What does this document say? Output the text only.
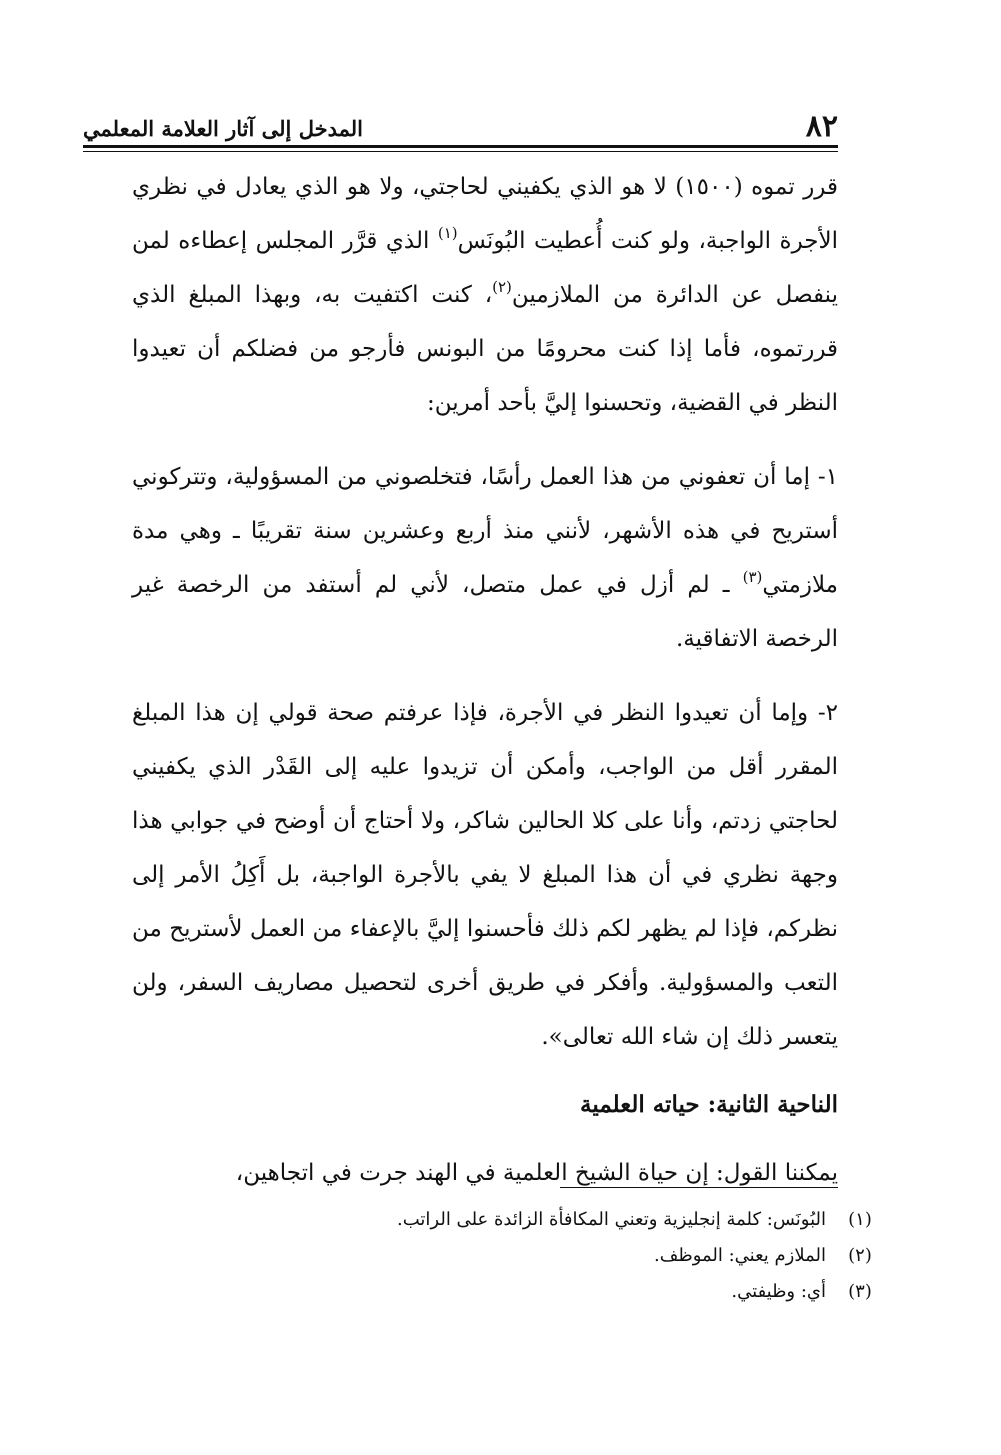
٨٢
المدخل إلى آثار العلامة المعلمي

قرر تموه (١٥٠٠) لا هو الذي يكفيني لحاجتي، ولا هو الذي يعادل في نظري الأجرة الواجبة، ولو كنت أُعطيت البُونَس$^{(١)}$ الذي قرَّر المجلس إعطاءه لمن ينفصل عن الدائرة من الملازمين$^{(٢)}$، كنت اكتفيت به، وبهذا المبلغ الذي قررتموه، فأما إذا كنت محرومًا من البونس فأرجو من فضلكم أن تعيدوا النظر في القضية، وتحسنوا إليَّ بأحد أمرين:

١- إما أن تعفوني من هذا العمل رأسًا، فتخلصوني من المسؤولية، وتتركوني أستريح في هذه الأشهر، لأنني منذ أربع وعشرين سنة تقريبًا ـ وهي مدة ملازمتي$^{(٣)}$ ـ لم أزل في عمل متصل، لأني لم أستفد من الرخصة غير الرخصة الاتفاقية.

٢- وإما أن تعيدوا النظر في الأجرة، فإذا عرفتم صحة قولي إن هذا المبلغ المقرر أقل من الواجب، وأمكن أن تزيدوا عليه إلى القَدْر الذي يكفيني لحاجتي زدتم، وأنا على كلا الحالين شاكر، ولا أحتاج أن أوضح في جوابي هذا وجهة نظري في أن هذا المبلغ لا يفي بالأجرة الواجبة، بل أَكِلُ الأمر إلى نظركم، فإذا لم يظهر لكم ذلك فأحسنوا إليَّ بالإعفاء من العمل لأستريح من التعب والمسؤولية. وأفكر في طريق أخرى لتحصيل مصاريف السفر، ولن يتعسر ذلك إن شاء الله تعالى».

الناحية الثانية: حياته العلمية

يمكننا القول: إن حياة الشيخ العلمية في الهند جرت في اتجاهين،

(١)
البُونَس: كلمة إنجليزية وتعني المكافأة الزائدة على الراتب.
(٢)
الملازم يعني: الموظف.
(٣)
أي: وظيفتي.
